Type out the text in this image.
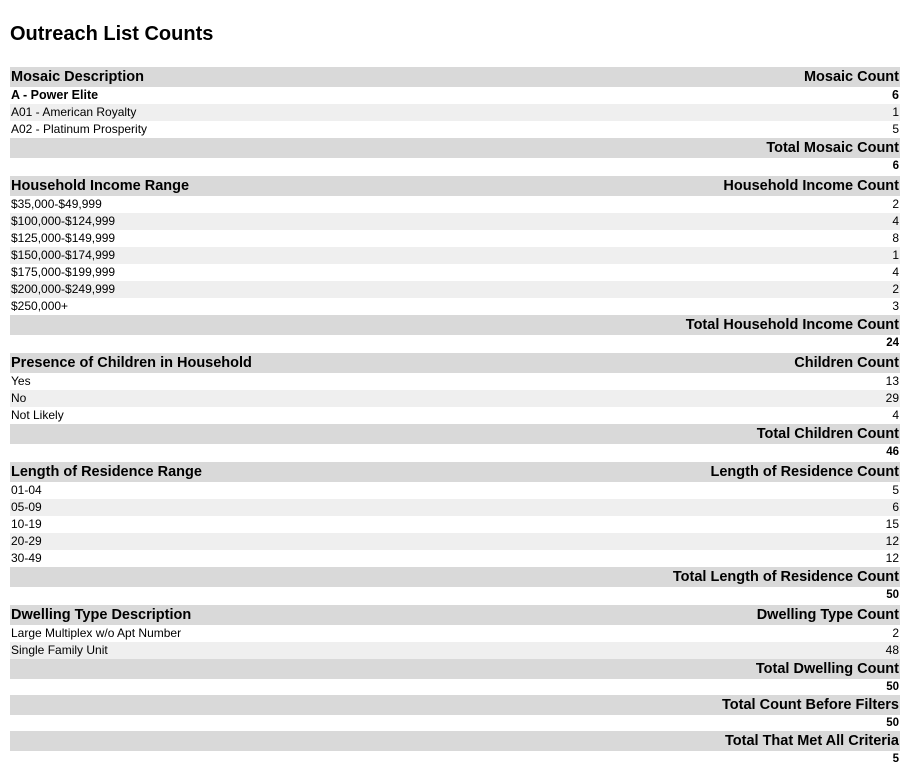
Outreach List Counts
Mosaic Description	Mosaic Count
A - Power Elite	6
A01 - American Royalty	1
A02 - Platinum Prosperity	5
Total Mosaic Count
6
Household Income Range	Household Income Count
$35,000-$49,999	2
$100,000-$124,999	4
$125,000-$149,999	8
$150,000-$174,999	1
$175,000-$199,999	4
$200,000-$249,999	2
$250,000+	3
Total Household Income Count
24
Presence of Children in Household	Children Count
Yes	13
No	29
Not Likely	4
Total Children Count
46
Length of Residence Range	Length of Residence Count
01-04	5
05-09	6
10-19	15
20-29	12
30-49	12
Total Length of Residence Count
50
Dwelling Type Description	Dwelling Type Count
Large Multiplex w/o Apt Number	2
Single Family Unit	48
Total Dwelling Count
50
Total Count Before Filters
50
Total That Met All Criteria
5
